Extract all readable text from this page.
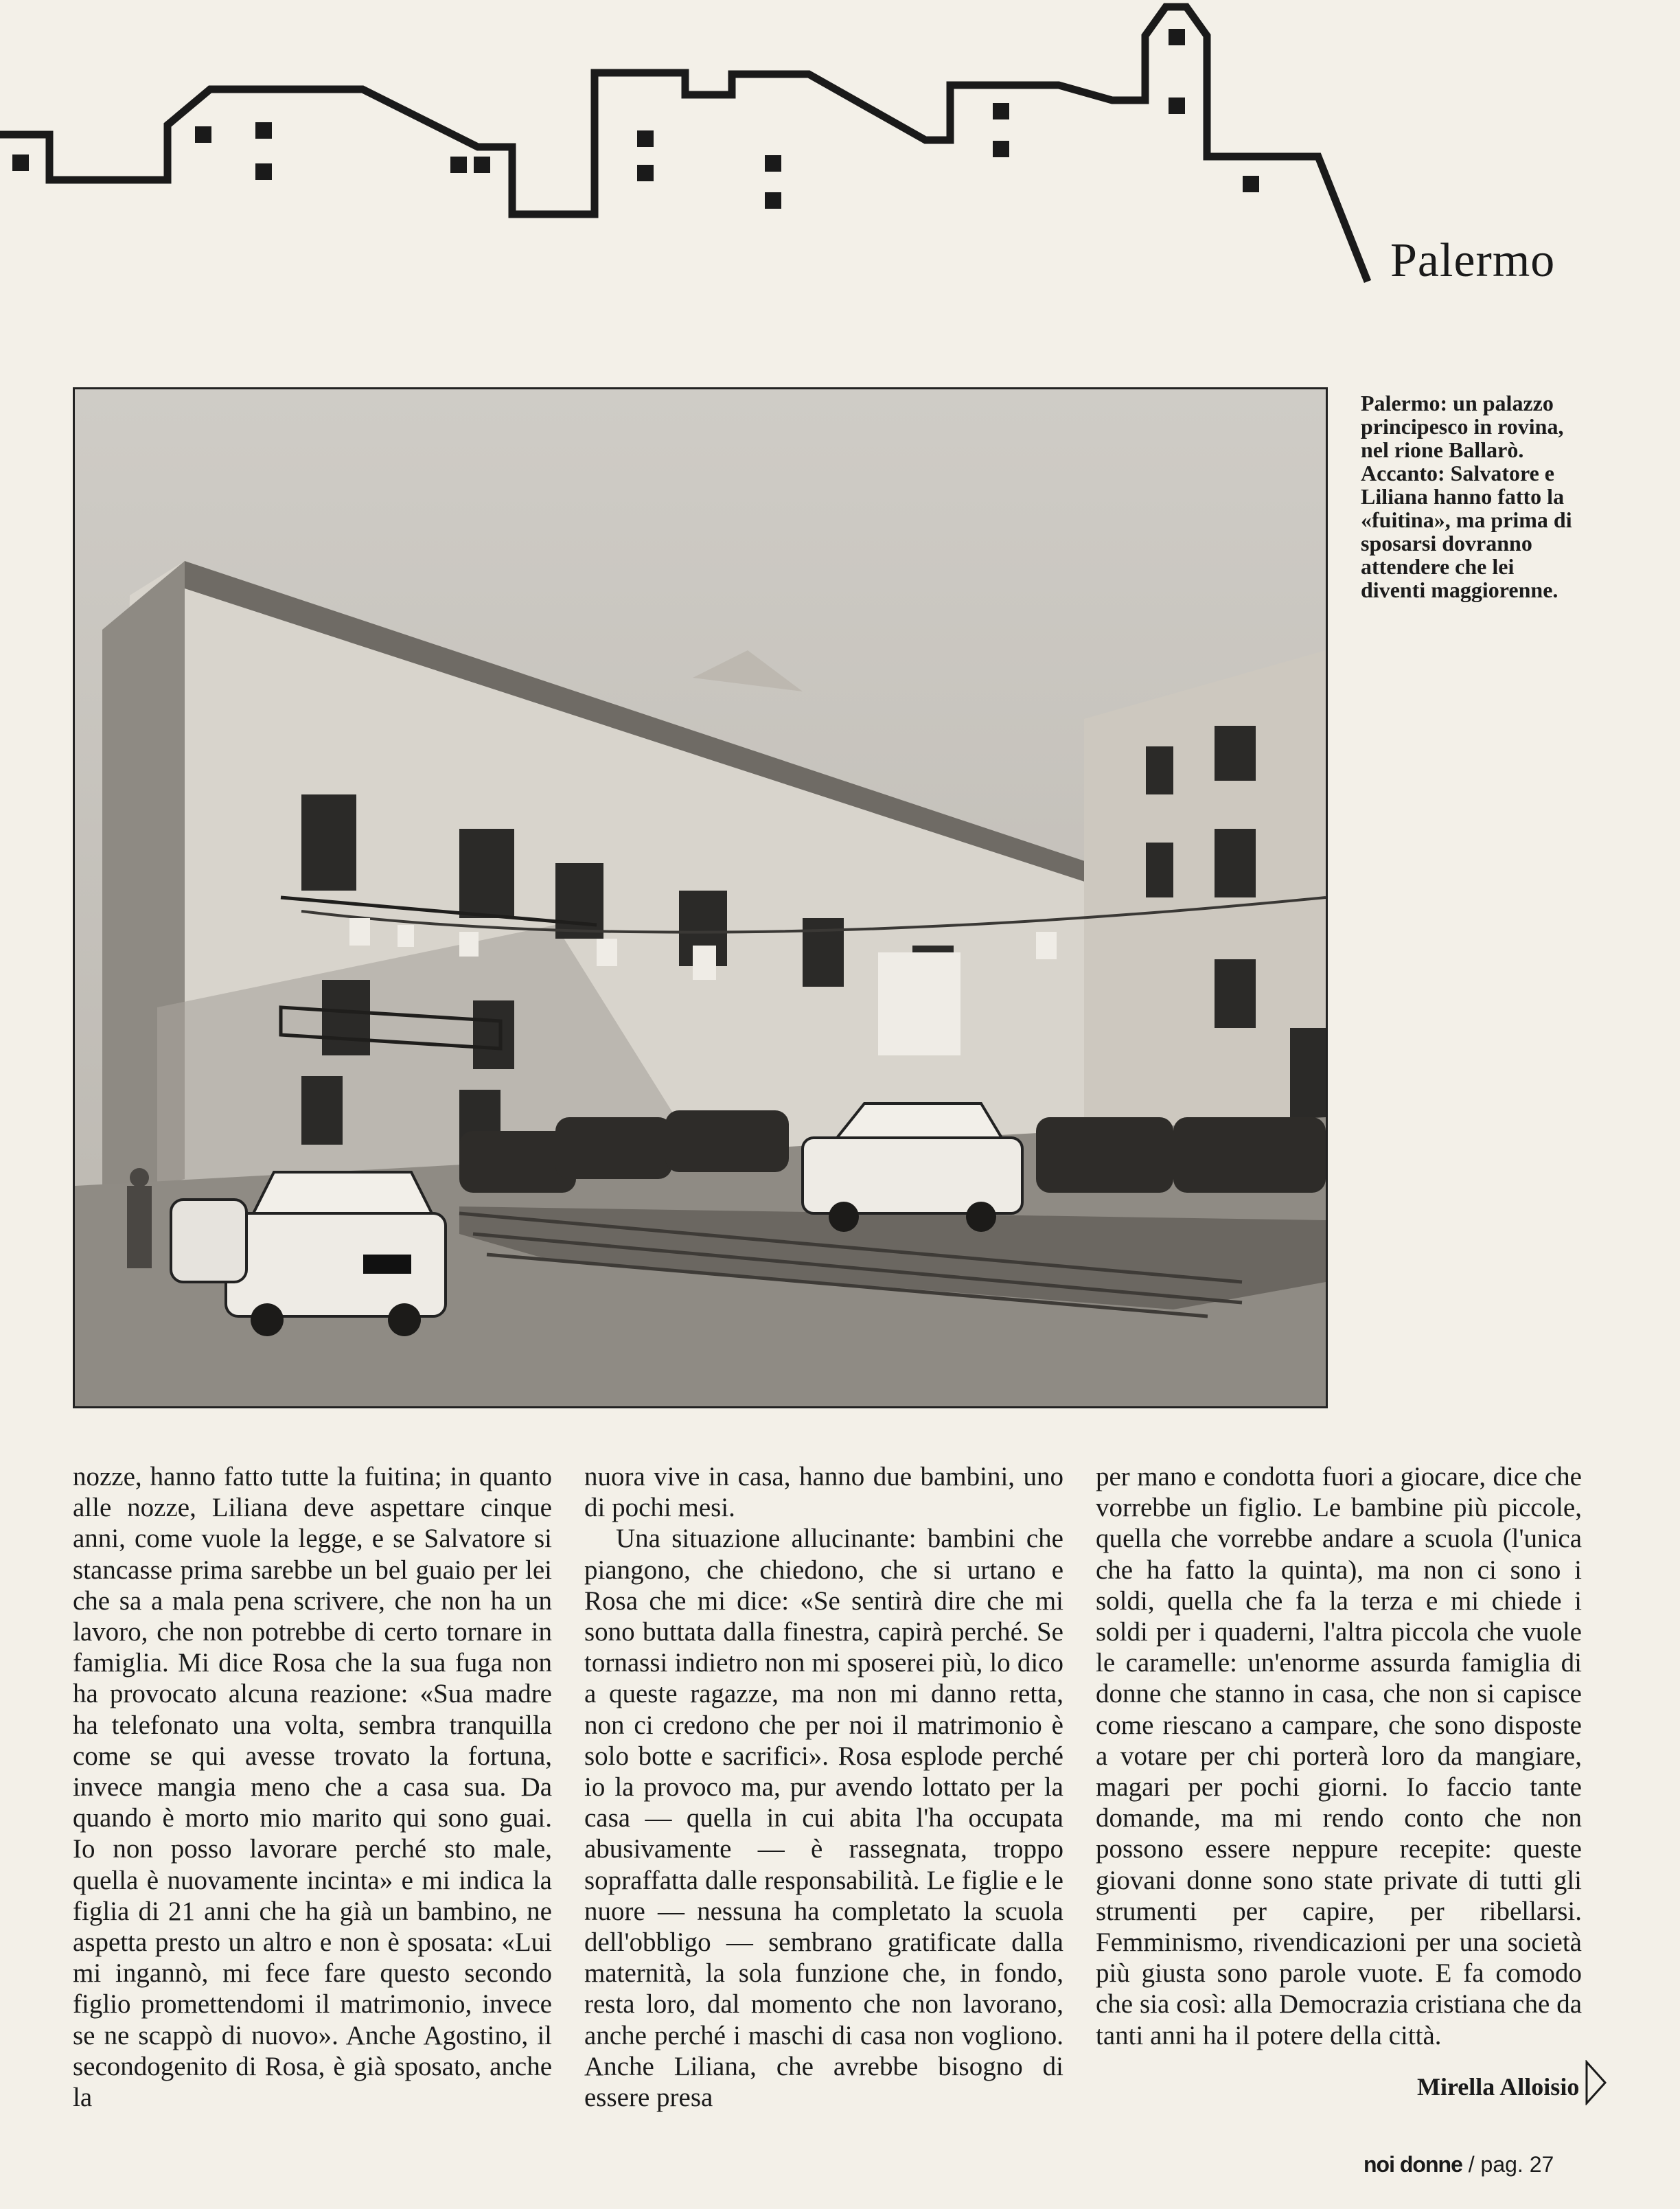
Palermo
Palermo: un palazzo principesco in rovina, nel rione Ballarò. Accanto: Salvatore e Liliana hanno fatto la «fuitina», ma prima di sposarsi dovranno attendere che lei diventi maggiorenne.

nozze, hanno fatto tutte la fuitina; in quanto alle nozze, Liliana deve aspettare cinque anni, come vuole la legge, e se Salvatore si stancasse prima sarebbe un bel guaio per lei che sa a mala pena scrivere, che non ha un lavoro, che non potrebbe di certo tornare in famiglia. Mi dice Rosa che la sua fuga non ha provocato alcuna reazione: «Sua madre ha telefonato una volta, sembra tranquilla come se qui avesse trovato la fortuna, invece mangia meno che a casa sua. Da quando è morto mio marito qui sono guai. Io non posso lavorare perché sto male, quella è nuovamente incinta» e mi indica la figlia di 21 anni che ha già un bambino, ne aspetta presto un altro e non è sposata: «Lui mi ingannò, mi fece fare questo secondo figlio promettendomi il matrimonio, invece se ne scappò di nuovo». Anche Agostino, il secondogenito di Rosa, è già sposato, anche la

nuora vive in casa, hanno due bambini, uno di pochi mesi.

Una situazione allucinante: bambini che piangono, che chiedono, che si urtano e Rosa che mi dice: «Se sentirà dire che mi sono buttata dalla finestra, capirà perché. Se tornassi indietro non mi sposerei più, lo dico a queste ragazze, ma non mi danno retta, non ci credono che per noi il matrimonio è solo botte e sacrifici». Rosa esplode perché io la provoco ma, pur avendo lottato per la casa — quella in cui abita l'ha occupata abusivamente — è rassegnata, troppo sopraffatta dalle responsabilità. Le figlie e le nuore — nessuna ha completato la scuola dell'obbligo — sembrano gratificate dalla maternità, la sola funzione che, in fondo, resta loro, dal momento che non lavorano, anche perché i maschi di casa non vogliono. Anche Liliana, che avrebbe bisogno di essere presa

per mano e condotta fuori a giocare, dice che vorrebbe un figlio. Le bambine più piccole, quella che vorrebbe andare a scuola (l'unica che ha fatto la quinta), ma non ci sono i soldi, quella che fa la terza e mi chiede i soldi per i quaderni, l'altra piccola che vuole le caramelle: un'enorme assurda famiglia di donne che stanno in casa, che non si capisce come riescano a campare, che sono disposte a votare per chi porterà loro da mangiare, magari per pochi giorni. Io faccio tante domande, ma mi rendo conto che non possono essere neppure recepite: queste giovani donne sono state private di tutti gli strumenti per capire, per ribellarsi. Femminismo, rivendicazioni per una società più giusta sono parole vuote. E fa comodo che sia così: alla Democrazia cristiana che da tanti anni ha il potere della città.

Mirella Alloisio
noi donne / pag. 27
